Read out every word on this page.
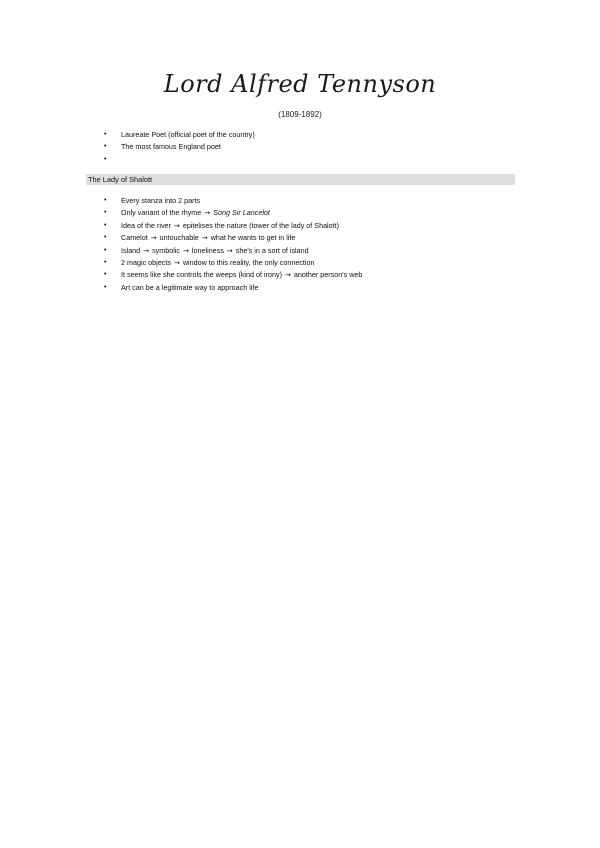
Lord Alfred Tennyson
(1809-1892)
• Laureate Poet (official poet of the country)
• The most famous England poet
•
The Lady of Shalott
• Every stanza into 2 parts
• Only variant of the rhyme → Song Sir Lancelot
• Idea of the river → epitelises the nature (tower of the lady of Shalott)
• Camelot → untouchable → what he wants to get in life
• Island → symbolic → loneliness → she's in a sort of island
• 2 magic objects → window to this reality, the only connection
• It seems like she controls the weeps (kind of irony) → another person's web
• Art can be a legitimate way to approach life
